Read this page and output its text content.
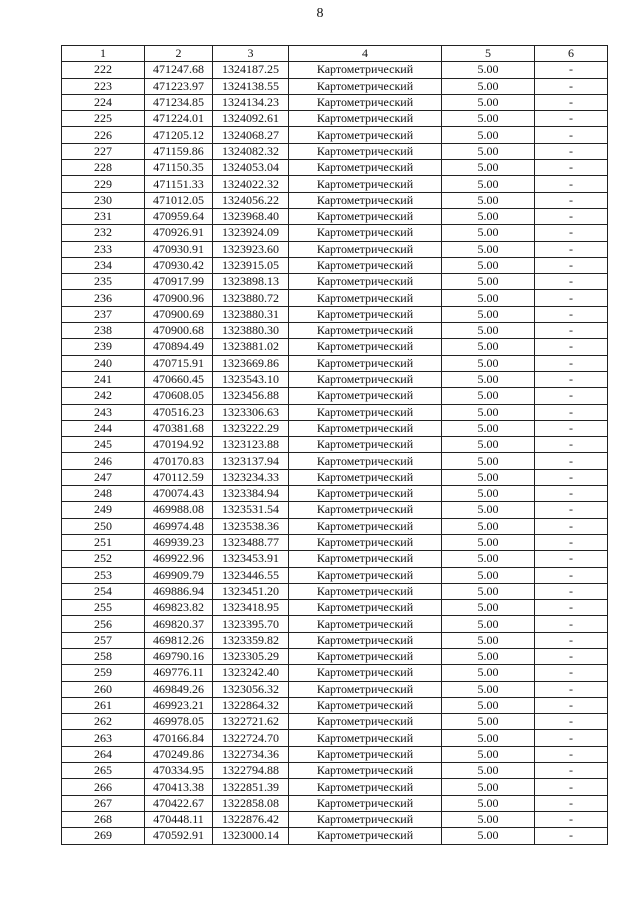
8
1	2	3	4	5	6
222	471247.68	1324187.25	Картометрический	5.00	-
223	471223.97	1324138.55	Картометрический	5.00	-
224	471234.85	1324134.23	Картометрический	5.00	-
225	471224.01	1324092.61	Картометрический	5.00	-
226	471205.12	1324068.27	Картометрический	5.00	-
227	471159.86	1324082.32	Картометрический	5.00	-
228	471150.35	1324053.04	Картометрический	5.00	-
229	471151.33	1324022.32	Картометрический	5.00	-
230	471012.05	1324056.22	Картометрический	5.00	-
231	470959.64	1323968.40	Картометрический	5.00	-
232	470926.91	1323924.09	Картометрический	5.00	-
233	470930.91	1323923.60	Картометрический	5.00	-
234	470930.42	1323915.05	Картометрический	5.00	-
235	470917.99	1323898.13	Картометрический	5.00	-
236	470900.96	1323880.72	Картометрический	5.00	-
237	470900.69	1323880.31	Картометрический	5.00	-
238	470900.68	1323880.30	Картометрический	5.00	-
239	470894.49	1323881.02	Картометрический	5.00	-
240	470715.91	1323669.86	Картометрический	5.00	-
241	470660.45	1323543.10	Картометрический	5.00	-
242	470608.05	1323456.88	Картометрический	5.00	-
243	470516.23	1323306.63	Картометрический	5.00	-
244	470381.68	1323222.29	Картометрический	5.00	-
245	470194.92	1323123.88	Картометрический	5.00	-
246	470170.83	1323137.94	Картометрический	5.00	-
247	470112.59	1323234.33	Картометрический	5.00	-
248	470074.43	1323384.94	Картометрический	5.00	-
249	469988.08	1323531.54	Картометрический	5.00	-
250	469974.48	1323538.36	Картометрический	5.00	-
251	469939.23	1323488.77	Картометрический	5.00	-
252	469922.96	1323453.91	Картометрический	5.00	-
253	469909.79	1323446.55	Картометрический	5.00	-
254	469886.94	1323451.20	Картометрический	5.00	-
255	469823.82	1323418.95	Картометрический	5.00	-
256	469820.37	1323395.70	Картометрический	5.00	-
257	469812.26	1323359.82	Картометрический	5.00	-
258	469790.16	1323305.29	Картометрический	5.00	-
259	469776.11	1323242.40	Картометрический	5.00	-
260	469849.26	1323056.32	Картометрический	5.00	-
261	469923.21	1322864.32	Картометрический	5.00	-
262	469978.05	1322721.62	Картометрический	5.00	-
263	470166.84	1322724.70	Картометрический	5.00	-
264	470249.86	1322734.36	Картометрический	5.00	-
265	470334.95	1322794.88	Картометрический	5.00	-
266	470413.38	1322851.39	Картометрический	5.00	-
267	470422.67	1322858.08	Картометрический	5.00	-
268	470448.11	1322876.42	Картометрический	5.00	-
269	470592.91	1323000.14	Картометрический	5.00	-
